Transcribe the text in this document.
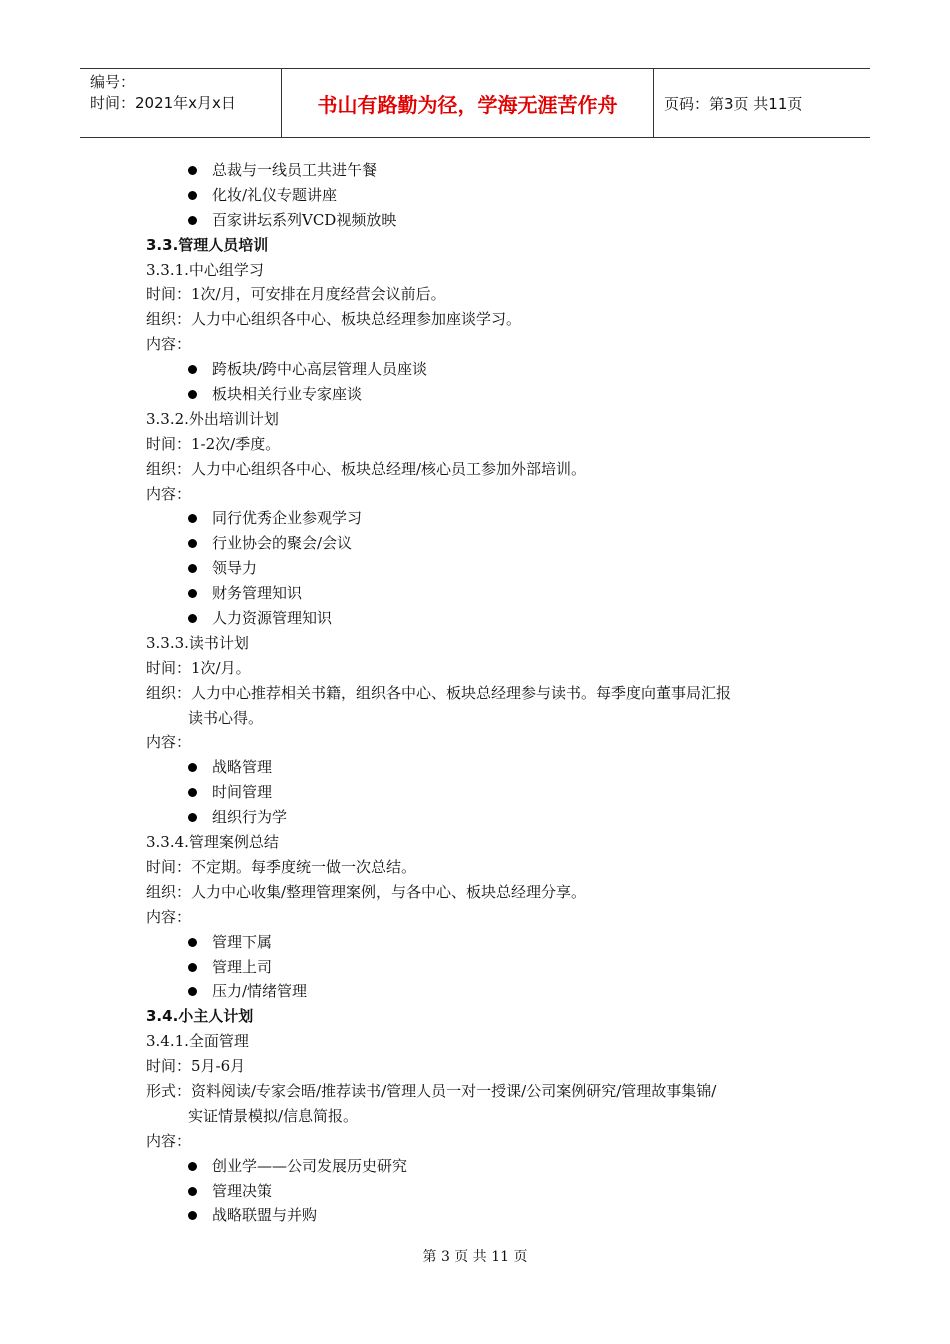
编号：
时间：2021年x月x日	书山有路勤为径，学海无涯苦作舟	页码：第3页 共11页
总裁与一线员工共进午餐
化妆/礼仪专题讲座
百家讲坛系列VCD视频放映
3.3.管理人员培训
3.3.1.中心组学习
时间：1次/月，可安排在月度经营会议前后。
组织：人力中心组织各中心、板块总经理参加座谈学习。
内容：
跨板块/跨中心高层管理人员座谈
板块相关行业专家座谈
3.3.2.外出培训计划
时间：1-2次/季度。
组织：人力中心组织各中心、板块总经理/核心员工参加外部培训。
内容：
同行优秀企业参观学习
行业协会的聚会/会议
领导力
财务管理知识
人力资源管理知识
3.3.3.读书计划
时间：1次/月。
组织：人力中心推荐相关书籍，组织各中心、板块总经理参与读书。每季度向董事局汇报
读书心得。
内容：
战略管理
时间管理
组织行为学
3.3.4.管理案例总结
时间：不定期。每季度统一做一次总结。
组织：人力中心收集/整理管理案例，与各中心、板块总经理分享。
内容：
管理下属
管理上司
压力/情绪管理
3.4.小主人计划
3.4.1.全面管理
时间：5月-6月
形式：资料阅读/专家会晤/推荐读书/管理人员一对一授课/公司案例研究/管理故事集锦/
实证情景模拟/信息简报。
内容：
创业学——公司发展历史研究
管理决策
战略联盟与并购
第 3 页 共 11 页
